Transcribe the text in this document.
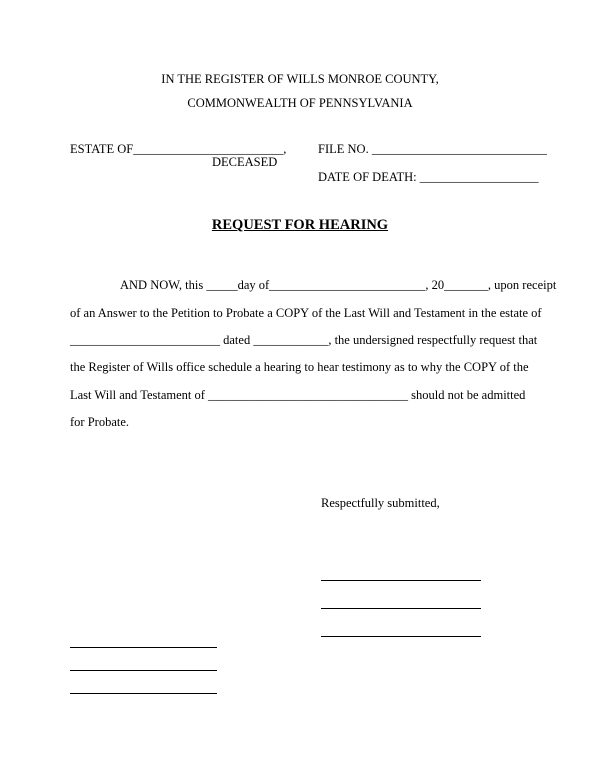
IN THE REGISTER OF WILLS MONROE COUNTY,
COMMONWEALTH OF PENNSYLVANIA
ESTATE OF________________________,
DECEASED
FILE NO. ____________________________
DATE OF DEATH: ___________________
REQUEST FOR HEARING
AND NOW, this _____day of_________________________, 20_______, upon receipt
of an Answer to the Petition to Probate a COPY of the Last Will and Testament in the estate of
________________________ dated ____________, the undersigned respectfully request that
the Register of Wills office schedule a hearing to hear testimony as to why the COPY of the
Last Will and Testament of ________________________________ should not be admitted
for Probate.
Respectfully submitted,
